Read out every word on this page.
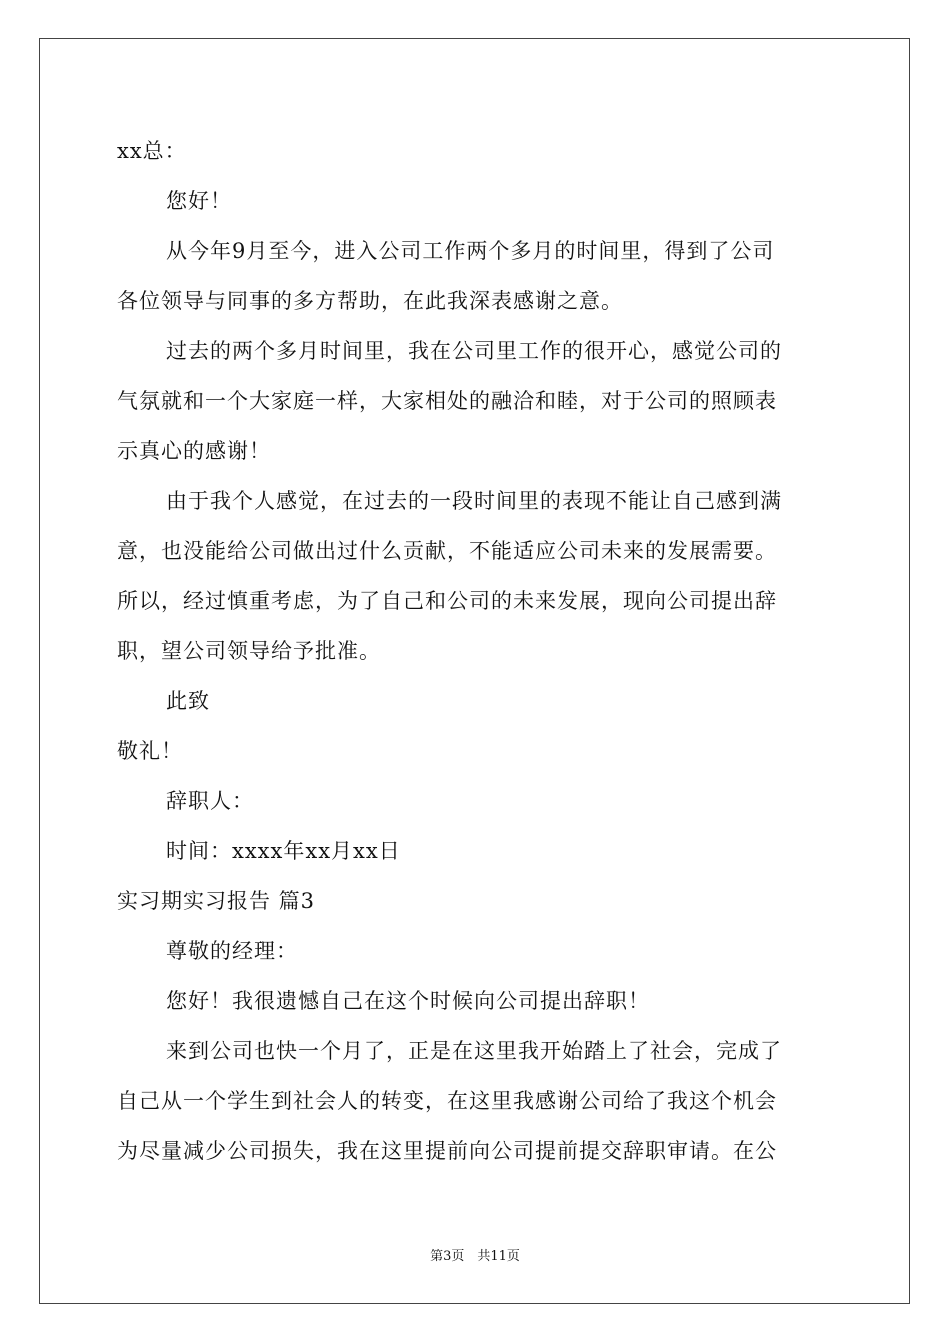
xx总：
您好！
从今年9月至今，进入公司工作两个多月的时间里，得到了公司
各位领导与同事的多方帮助，在此我深表感谢之意。
过去的两个多月时间里，我在公司里工作的很开心，感觉公司的
气氛就和一个大家庭一样，大家相处的融洽和睦，对于公司的照顾表
示真心的感谢！
由于我个人感觉，在过去的一段时间里的表现不能让自己感到满
意，也没能给公司做出过什么贡献，不能适应公司未来的发展需要。
所以，经过慎重考虑，为了自己和公司的未来发展，现向公司提出辞
职，望公司领导给予批准。
此致
敬礼！
辞职人：
时间：xxxx年xx月xx日
实习期实习报告 篇3
尊敬的经理：
您好！我很遗憾自己在这个时候向公司提出辞职！
来到公司也快一个月了，正是在这里我开始踏上了社会，完成了
自己从一个学生到社会人的转变，在这里我感谢公司给了我这个机会
为尽量减少公司损失，我在这里提前向公司提前提交辞职审请。在公
第3页　共11页
